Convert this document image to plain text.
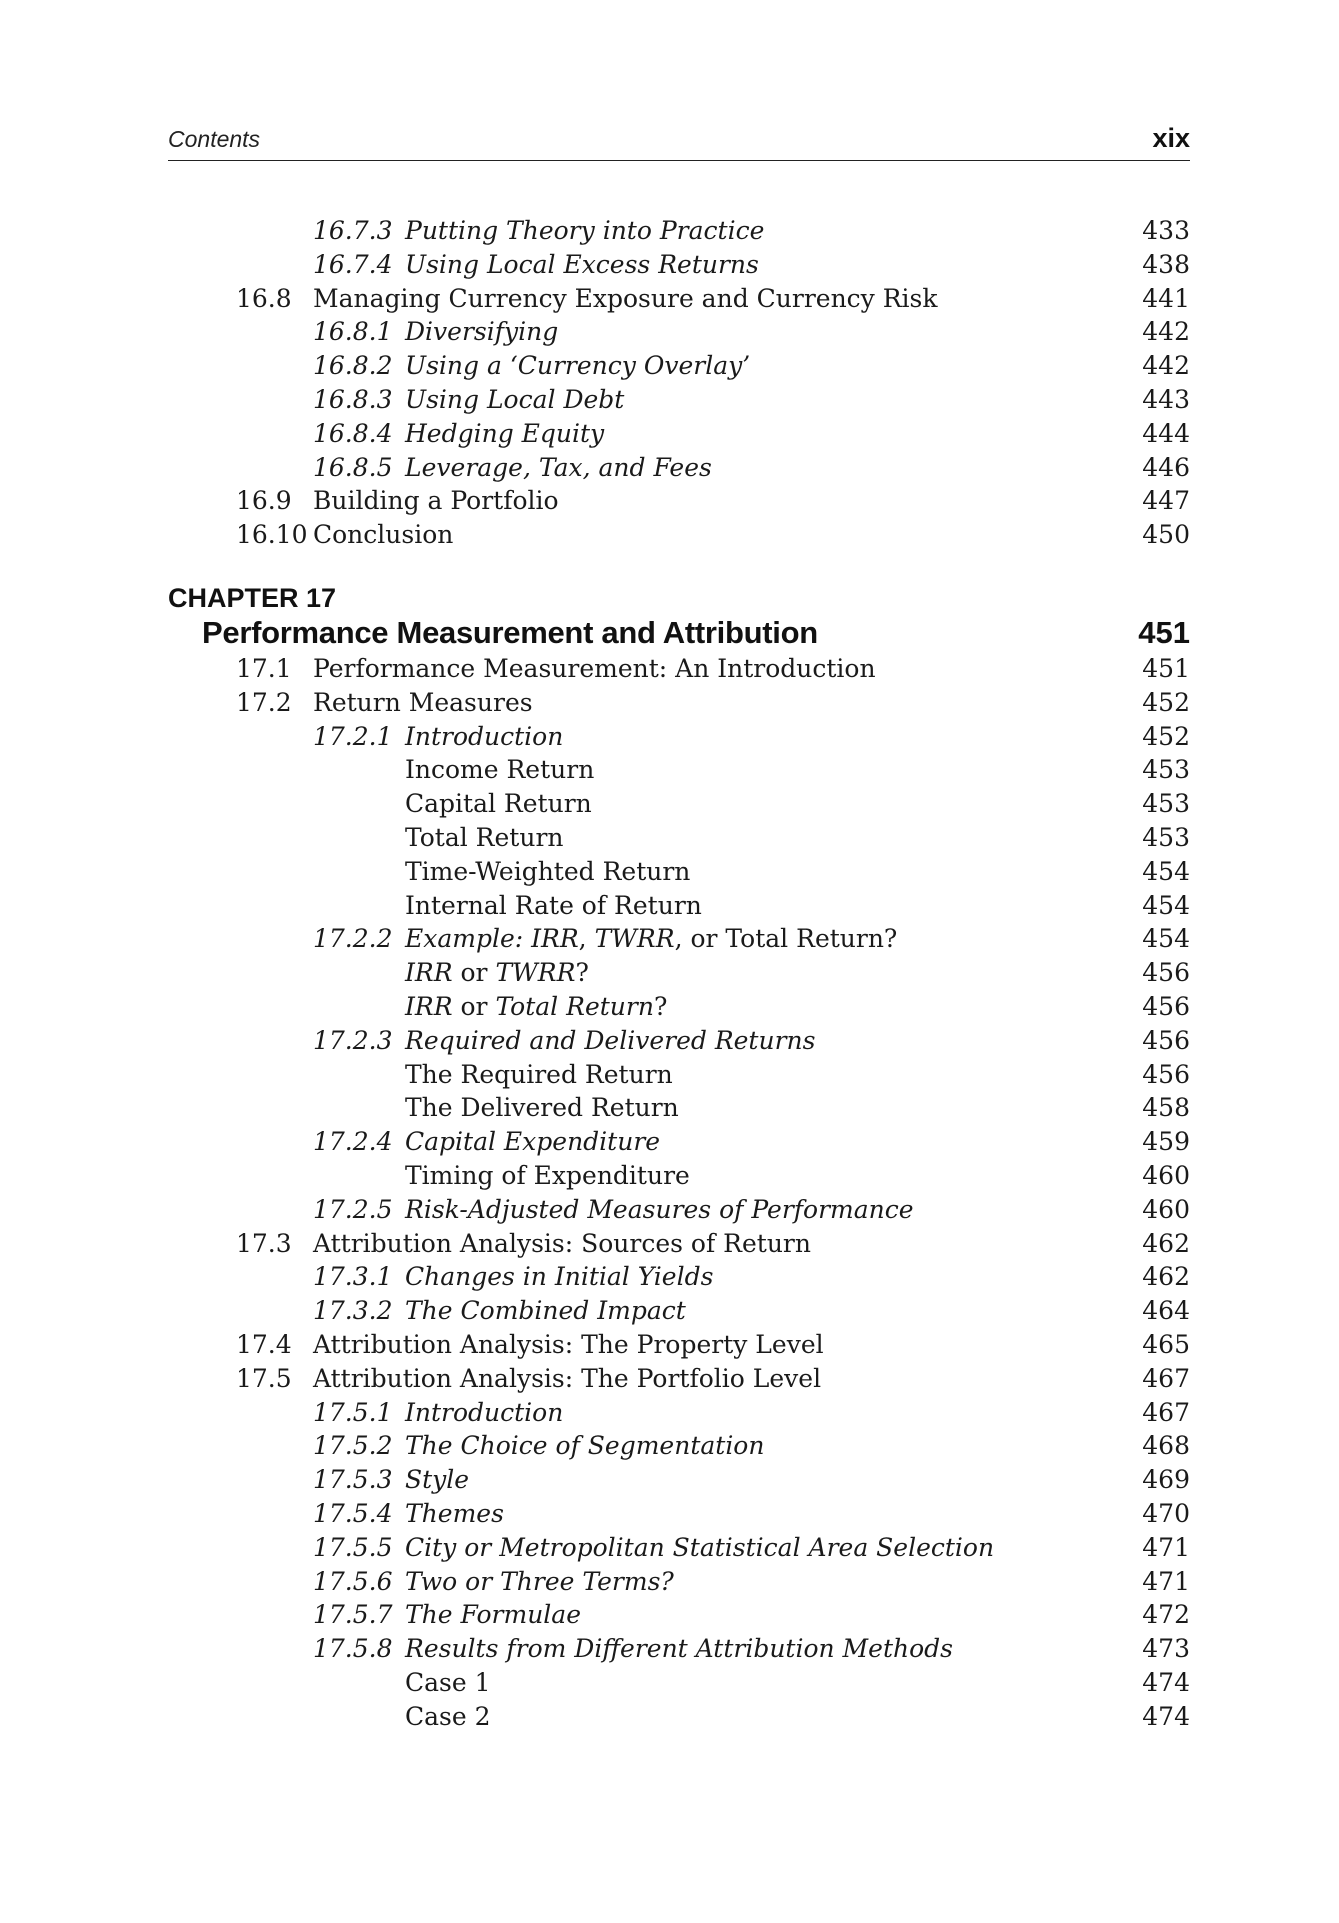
Contents	xix
16.7.3 Putting Theory into Practice	433
16.7.4 Using Local Excess Returns	438
16.8 Managing Currency Exposure and Currency Risk	441
16.8.1 Diversifying	442
16.8.2 Using a ‘Currency Overlay’	442
16.8.3 Using Local Debt	443
16.8.4 Hedging Equity	444
16.8.5 Leverage, Tax, and Fees	446
16.9 Building a Portfolio	447
16.10 Conclusion	450
CHAPTER 17
Performance Measurement and Attribution	451
17.1 Performance Measurement: An Introduction	451
17.2 Return Measures	452
17.2.1 Introduction	452
Income Return	453
Capital Return	453
Total Return	453
Time-Weighted Return	454
Internal Rate of Return	454
17.2.2 Example: IRR, TWRR, or Total Return?	454
IRR or TWRR?	456
IRR or Total Return?	456
17.2.3 Required and Delivered Returns	456
The Required Return	456
The Delivered Return	458
17.2.4 Capital Expenditure	459
Timing of Expenditure	460
17.2.5 Risk-Adjusted Measures of Performance	460
17.3 Attribution Analysis: Sources of Return	462
17.3.1 Changes in Initial Yields	462
17.3.2 The Combined Impact	464
17.4 Attribution Analysis: The Property Level	465
17.5 Attribution Analysis: The Portfolio Level	467
17.5.1 Introduction	467
17.5.2 The Choice of Segmentation	468
17.5.3 Style	469
17.5.4 Themes	470
17.5.5 City or Metropolitan Statistical Area Selection	471
17.5.6 Two or Three Terms?	471
17.5.7 The Formulae	472
17.5.8 Results from Different Attribution Methods	473
Case 1	474
Case 2	474
